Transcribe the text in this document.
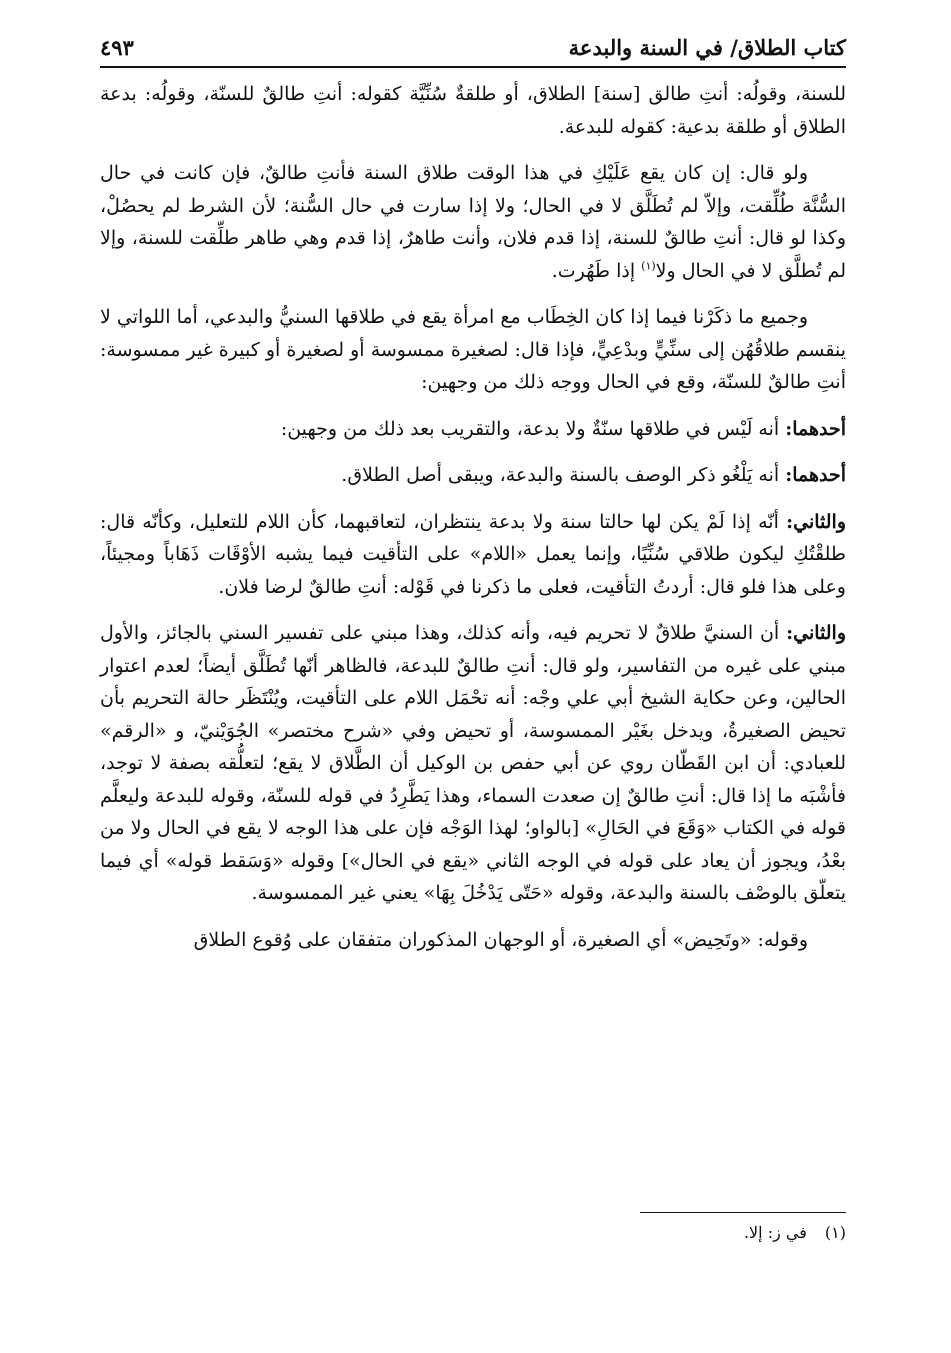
كتاب الطلاق/ في السنة والبدعة
٤٩٣

للسنة، وقولُه: أنتِ طالق [سنة] الطلاق، أو طلقةٌ سُنِّيَّة كقوله: أنتِ طالقٌ للسنّة، وقولُه: بدعة الطلاق أو طلقة بدعية: كقوله للبدعة.

ولو قال: إن كان يقع عَلَيْكِ في هذا الوقت طلاق السنة فأنتِ طالقٌ، فإن كانت في حال السُّنَّة طُلِّقت، وإلاّ لم تُطَلَّق لا في الحال؛ ولا إذا سارت في حال السُّنة؛ لأن الشرط لم يحصُلْ، وكذا لو قال: أنتِ طالقٌ للسنة، إذا قدم فلان، وأنت طاهرٌ، إذا قدم وهي طاهر طلِّقت للسنة، وإلا لم تُطلَّق لا في الحال ولا$^{(١)}$ إذا طَهُرت.

وجميع ما ذكَرْنا فيما إذا كان الخِطَاب مع امرأة يقع في طلاقها السنيُّ والبدعي، أما اللواتي لا ينقسم طلاقُهُن إلى سنِّيٍّ وبدْعِيٍّ، فإذا قال: لصغيرة ممسوسة أو لصغيرة أو كبيرة غير ممسوسة: أنتِ طالقٌ للسنّة، وقع في الحال ووجه ذلك من وجهين:

أحدهما: أنه لَيْس في طلاقها سنّةٌ ولا بدعة، والتقريب بعد ذلك من وجهين:

أحدهما: أنه يَلْغُو ذكر الوصف بالسنة والبدعة، ويبقى أصل الطلاق.

والثاني: أنّه إذا لَمْ يكن لها حالتا سنة ولا بدعة ينتظران، لتعاقبهما، كأن اللام للتعليل، وكأنّه قال: طلقْتُكِ ليكون طلاقي سُنِّيًا، وإنما يعمل «اللام» على التأقيت فيما يشبه الأوْقَات ذَهَاباً ومجيئاً، وعلى هذا فلو قال: أردتُ التأقيت، فعلى ما ذكرنا في قَوْله: أنتِ طالقٌ لرضا فلان.

والثاني: أن السنيَّ طلاقٌ لا تحريم فيه، وأنه كذلك، وهذا مبني على تفسير السني بالجائز، والأول مبني على غيره من التفاسير، ولو قال: أنتِ طالقٌ للبدعة، فالظاهر أنّها تُطَلَّق أيضاً؛ لعدم اعتوار الحالين، وعن حكاية الشيخ أبي علي وجْه: أنه تحْمَل اللام على التأقيت، ويُنْتَظَر حالة التحريم بأن تحيض الصغيرةُ، ويدخل بغَيْر الممسوسة، أو تحيض وفي «شرح مختصر» الجُوَيْنيّ، و «الرقم» للعبادي: أن ابن القَطّان روي عن أبي حفص بن الوكيل أن الطَّلاق لا يقع؛ لتعلُّقه بصفة لا توجد، فأشْبَه ما إذا قال: أنتِ طالقٌ إن صعدت السماء، وهذا يَطَّرِدُ في قوله للسنّة، وقوله للبدعة وليعلَّم قوله في الكتاب «وَقَعَ في الحَالِ» [بالواو؛ لهذا الوَجْه فإن على هذا الوجه لا يقع في الحال ولا من بعْدُ، ويجوز أن يعاد على قوله في الوجه الثاني «يقع في الحال»] وقوله «وَسَقط قوله» أي فيما يتعلّق بالوصْف بالسنة والبدعة، وقوله «حَتّى يَدْخُلَ بِهَا» يعني غير الممسوسة.

وقوله: «وتَحِيض» أي الصغيرة، أو الوجهان المذكوران متفقان على وُقوع الطلاق

(١)
في ز: إلا.
